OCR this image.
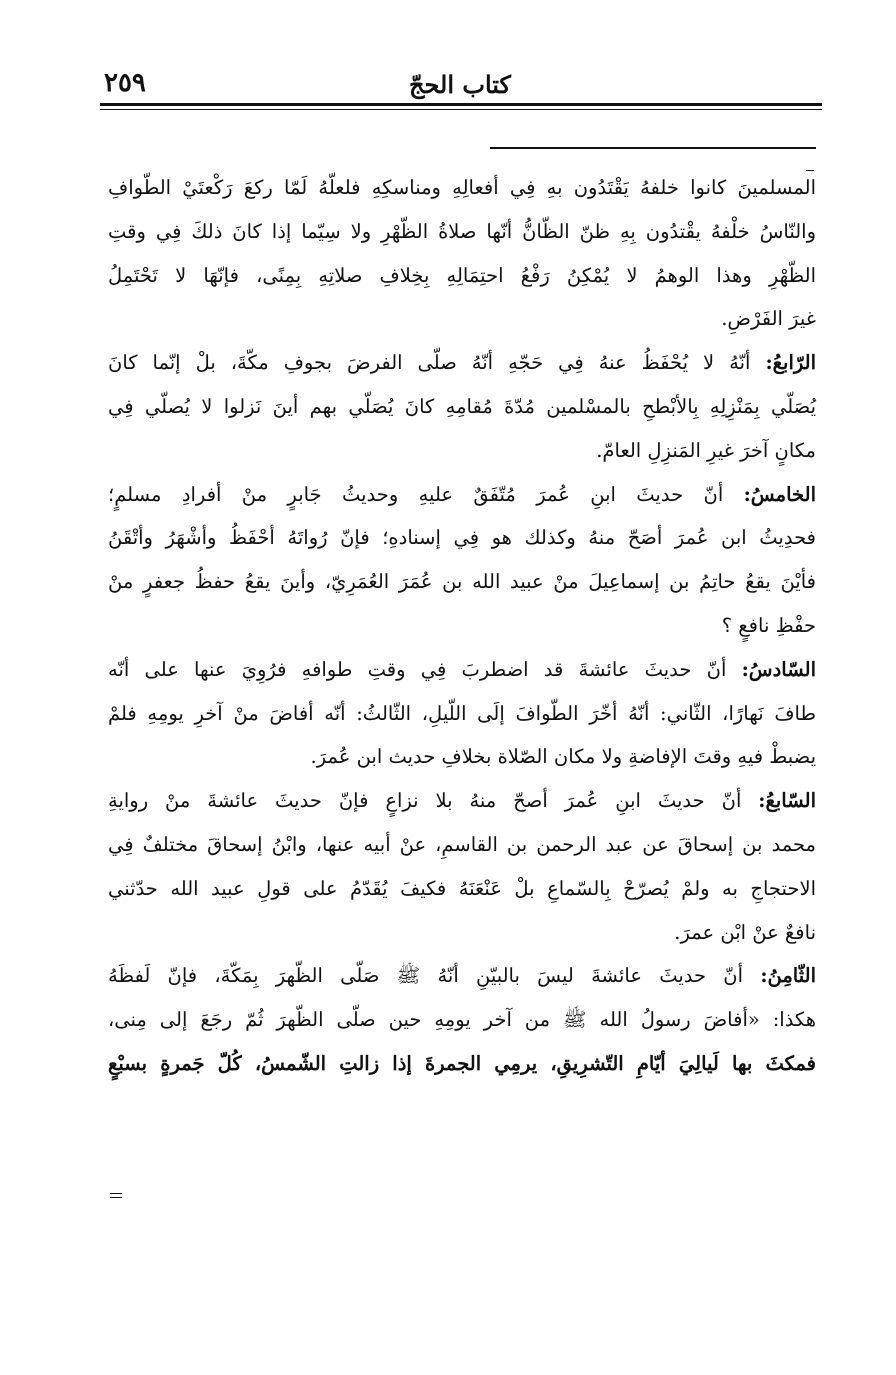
كتاب الحجّ
٢٥٩
المسلمينَ كانوا خلفهُ يَقْتَدُون بهِ فِي أفعالِهِ ومناسكِهِ فلعلّهُ لَمّا ركعَ رَكْعتَيْ الطّوافِ
والنّاسُ خلْفهُ يقْتدُون بِهِ ظنّ الظّانُّ أنّها صلاةُ الظّهْرِ ولا سِيّما إذا كانَ ذلكَ فِي وقتِ
الظّهْرِ وهذا الوهمُ لا يُمْكِنُ رَفْعُ احتِمَالِهِ بِخِلافِ صلاتِهِ بِمِنًى، فإنّهَا لا تَحْتَمِلُ
غيرَ الفَرْضِ.
الرّابعُ: أنّهُ لا يُحْفَظُ عنهُ فِي حَجّهِ أنّهُ صلّى الفرضَ بجوفِ مكّةَ، بلْ إنّما كانَ
يُصَلّي بِمَنْزِلِهِ بِالأبْطحِ بالمسْلمين مُدّةَ مُقامِهِ كانَ يُصَلّي بهم أينَ نَزلوا لا يُصلّي فِي
مكانٍ آخرَ غيرِ المَنزِلِ العامّ.
الخامسُ: أنّ حديثَ ابنِ عُمرَ مُتّفَقٌ عليهِ وحديثُ جَابرٍ منْ أفرادِ مسلمٍ؛
فحدِيثُ ابن عُمرَ أصَحّ منهُ وكذلك هو فِي إسنادهِ؛ فإنّ رُواتَهُ أحْفَظُ وأشْهَرُ وأتْقَنُ
فأيْنَ يقعُ حاتِمُ بن إسماعِيلَ منْ عبيد الله بن عُمَرَ العُمَرِيّ، وأينَ يقعُ حفظُ جعفرٍ منْ
حفْظِ نافعٍ ؟
السّادسُ: أنّ حديثَ عائشةَ قد اضطربَ فِي وقتِ طوافهِ فرُوِيَ عنها على أنّه
طافَ نَهارًا، الثّاني: أنّهُ أخّرَ الطّوافَ إلَى اللّيلِ، الثّالثُ: أنّه أفاضَ منْ آخرِ يومِهِ فلمْ
يضبطْ فيهِ وقتَ الإفاضةِ ولا مكان الصّلاة بخلافِ حديث ابن عُمرَ.
السّابعُ: أنّ حديثَ ابنِ عُمرَ أصحّ منهُ بلا نزاعٍ فإنّ حديثَ عائشةَ منْ روايةِ
محمد بن إسحاقَ عن عبد الرحمن بن القاسمِ، عنْ أبيه عنها، وابْنُ إسحاقَ مختلفٌ فِي
الاحتجاجِ به ولمْ يُصرّحْ بِالسّماعِ بلْ عَنْعَنَهُ فكيفَ يُقَدّمُ على قولِ عبيد الله حدّثني
نافعٌ عنْ ابْن عمرَ.
الثّامِنُ: أنّ حديثَ عائشةَ ليسَ بالبيّنِ أنّهُ ﷺ صَلّى الظّهرَ بِمَكّةَ، فإنّ لَفظَهُ
هكذا: «أفاضَ رسولُ الله ﷺ من آخر يومِهِ حين صلّى الظّهرَ ثُمّ رجَعَ إلى مِنى،
فمكثَ بها لَيالِيَ أيّامِ التّشرِيقِ، يرمِي الجمرةَ إذا زالتِ الشّمسُ، كُلّ جَمرةٍ بسبْعٍ
